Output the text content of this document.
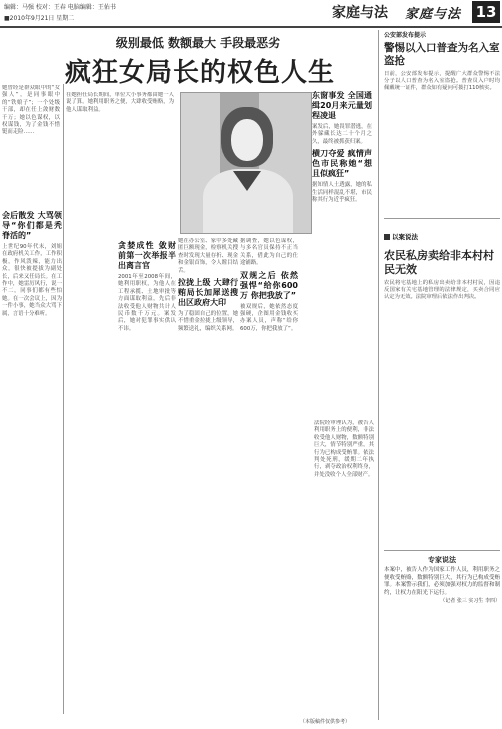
编辑：马强 校对：王春 电脑编辑：王佑书
■2010年9月21日 星期二	家庭与法 家庭与法 13
级别最低 数额最大 手段最恶劣
疯狂女局长的权色人生
她曾经是群众眼中的“女强人”，是同事眼中的“铁娘子”；一个处级干部，却在任上敛财数千万；她以色谋权，以权谋钱，为了金钱不惜铤而走险……
会后散发 大骂领导“你们都是秃脊活的”
上世纪90年代末，刘姐在政府机关工作，工作积极，作风泼辣，能力出众，很快被提拔为副处长，后来又任局长。在工作中，她雷厉风行，说一不二，同事们都有些怕她。在一次会议上，因为一件小事，她当众大骂下属，言语十分难听。
在她担任局长期间，单位大小事务都由她一人说了算。她利用职务之便，大肆收受贿赂，为他人谋取利益。
贪婪成性 敛财前第一次举报半出离言官
2001年至2008年间，她利用职权，为他人在工程承揽、土地审批等方面谋取利益，先后非法收受他人财物共计人民币数千万元。案发后，她对犯罪事实供认不讳。
她在办公室、家中多处藏匿巨额现金，检察机关搜查时发现大量存折、现金和金银首饰，令人瞠目结舌。
拉拢上级 大肆行贿局长加犀送搜出区政府大印
为了稳固自己的位置，她不惜重金拉拢上级领导，频繁送礼，编织关系网。
据调查，她以色谋权，与多名官员保持不正当关系，借此为自己的仕途铺路。
双规之后 依然强悍“给你600万 你把我放了”
被双规后，她依然态度强硬，企图用金钱收买办案人员，声称“给你600万，你把我放了”。
东窗事发 全国通缉20月来元量划程凌退
案发后，她畏罪潜逃，在外躲藏长达二十个月之久，最终被抓获归案。
横刀夺爱 疯情声色市民称她“想且似疯狂”
据知情人士透露，她的私生活同样混乱不堪，市民称其行为近乎疯狂。
法院经审理认为，被告人利用职务上的便利，非法收受他人财物，数额特别巨大，情节特别严重，其行为已构成受贿罪。依法判处死刑，缓期二年执行，剥夺政治权利终身，并处没收个人全部财产。
公安部发布提示
警惕以入口普查为名入室盗抢
日前，公安部发布提示，提醒广大群众警惕不法分子以人口普查为名入室盗抢。普查员入户时均佩戴统一证件，群众如有疑问可拨打110核实。
以案说法
农民私房卖给非本村村民无效
农民将宅基地上的私房出卖给非本村村民，因违反国家有关宅基地管理的法律规定，买卖合同应认定为无效。法院审理后依法作出判决。
专家说法
本案中，被告人作为国家工作人员，利用职务之便收受贿赂，数额特别巨大，其行为已构成受贿罪。本案警示我们，必须加强对权力的监督和制约，让权力在阳光下运行。
（记者 张三 实习生 李四）
（本版稿件仅供参考）
